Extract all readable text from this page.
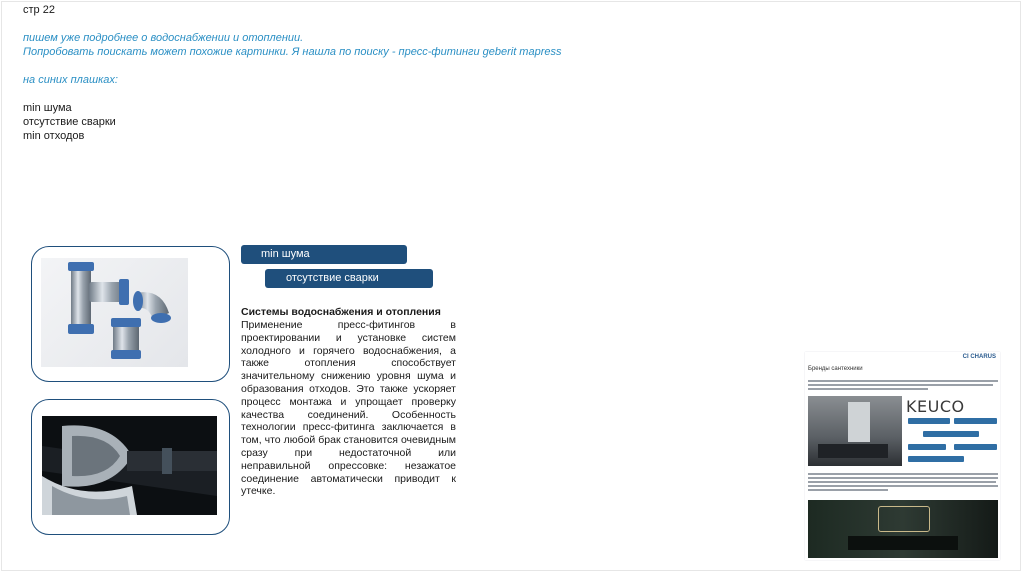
стр 22
пишем уже подробнее о водоснабжении и отоплении.
Попробовать поискать может похожие картинки. Я нашла по поиску - пресс-фитинги geberit mapress
на синих плашках:
min шума
отсутствие сварки
min отходов
min шума
отсутствие сварки
Системы водоснабжения и отопления
Применение пресс-фитингов в проектировании и установке систем холодного и горячего водоснабжения, а также отопления способствует значительному снижению уровня шума и образования отходов. Это также ускоряет процесс монтажа и упрощает проверку качества соединений. Особенность технологии пресс-фитинга заключается в том, что любой брак становится очевидным сразу при недостаточной или неправильной опрессовке: незажатое соединение автоматически приводит к утечке.
CI CHARUS
Бренды сантехники
KEUCO
